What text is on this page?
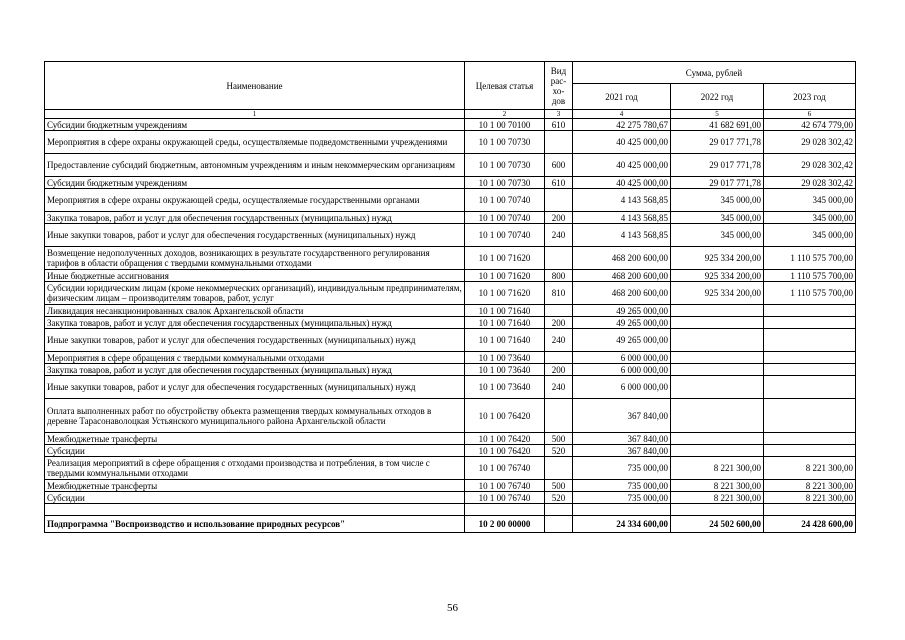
Наименование	Целевая статья	Вид рас- хо- дов	Сумма, рублей		
			2021 год	2022 год	2023 год
1	2	3	4	5	6
Субсидии бюджетным учреждениям	10 1 00 70100	610	42 275 780,67	41 682 691,00	42 674 779,00
Мероприятия в сфере охраны окружающей среды, осуществляемые подведомственными учреждениями	10 1 00 70730		40 425 000,00	29 017 771,78	29 028 302,42
Предоставление субсидий бюджетным, автономным учреждениям и иным некоммерческим организациям	10 1 00 70730	600	40 425 000,00	29 017 771,78	29 028 302,42
Субсидии бюджетным учреждениям	10 1 00 70730	610	40 425 000,00	29 017 771,78	29 028 302,42
Мероприятия в сфере охраны окружающей среды, осуществляемые государственными органами	10 1 00 70740		4 143 568,85	345 000,00	345 000,00
Закупка товаров, работ и услуг для обеспечения государственных (муниципальных) нужд	10 1 00 70740	200	4 143 568,85	345 000,00	345 000,00
Иные закупки товаров, работ и услуг для обеспечения государственных (муниципальных) нужд	10 1 00 70740	240	4 143 568,85	345 000,00	345 000,00
Возмещение недополученных доходов, возникающих в результате государственного регулирования тарифов в области обращения с твердыми коммунальными отходами	10 1 00 71620		468 200 600,00	925 334 200,00	1 110 575 700,00
Иные бюджетные ассигнования	10 1 00 71620	800	468 200 600,00	925 334 200,00	1 110 575 700,00
Субсидии юридическим лицам (кроме некоммерческих организаций), индивидуальным предпринимателям, физическим лицам – производителям товаров, работ, услуг	10 1 00 71620	810	468 200 600,00	925 334 200,00	1 110 575 700,00
Ликвидация несанкционированных свалок Архангельской области	10 1 00 71640		49 265 000,00		
Закупка товаров, работ и услуг для обеспечения государственных (муниципальных) нужд	10 1 00 71640	200	49 265 000,00		
Иные закупки товаров, работ и услуг для обеспечения государственных (муниципальных) нужд	10 1 00 71640	240	49 265 000,00		
Мероприятия в сфере обращения с твердыми коммунальными отходами	10 1 00 73640		6 000 000,00		
Закупка товаров, работ и услуг для обеспечения государственных (муниципальных) нужд	10 1 00 73640	200	6 000 000,00		
Иные закупки товаров, работ и услуг для обеспечения государственных (муниципальных) нужд	10 1 00 73640	240	6 000 000,00		
Оплата выполненных работ по обустройству объекта размещения твердых коммунальных отходов в деревне Тарасонаволоцкая Устьянского муниципального района Архангельской области	10 1 00 76420		367 840,00		
Межбюджетные трансферты	10 1 00 76420	500	367 840,00		
Субсидии	10 1 00 76420	520	367 840,00		
Реализация мероприятий в сфере обращения с отходами производства и потребления, в том числе с твердыми коммунальными отходами	10 1 00 76740		735 000,00	8 221 300,00	8 221 300,00
Межбюджетные трансферты	10 1 00 76740	500	735 000,00	8 221 300,00	8 221 300,00
Субсидии	10 1 00 76740	520	735 000,00	8 221 300,00	8 221 300,00

Подпрограмма "Воспроизводство и использование природных ресурсов"	10 2 00 00000		24 334 600,00	24 502 600,00	24 428 600,00
56
